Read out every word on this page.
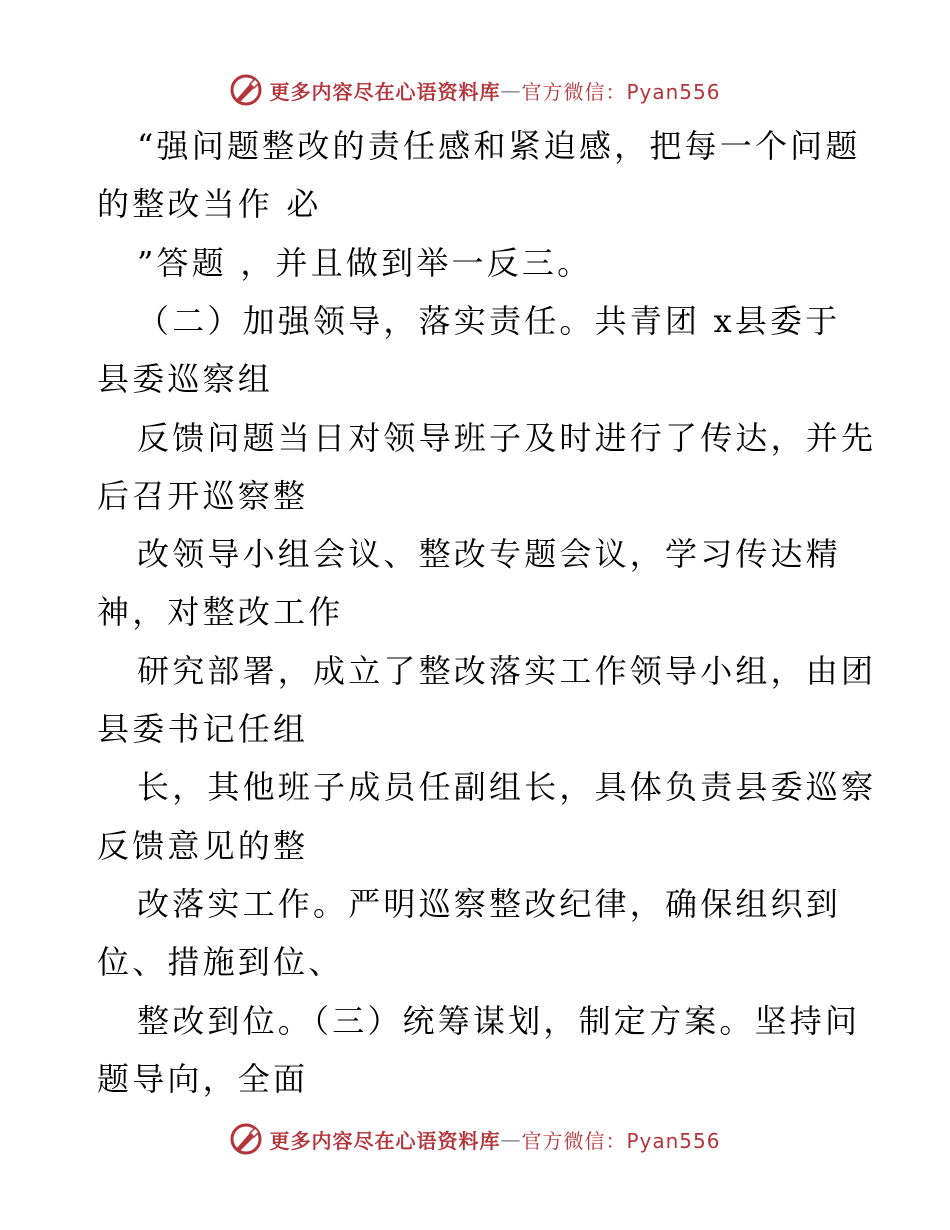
更多内容尽在心语资料库 — 官方微信：Pyan556
“强问题整改的责任感和紧迫感，把每一个问题
的整改当作 必
”答题 ，并且做到举一反三。
（二）加强领导，落实责任。共青团 x县委于
县委巡察组
反馈问题当日对领导班子及时进行了传达，并先
后召开巡察整
改领导小组会议、整改专题会议，学习传达精
神，对整改工作
研究部署，成立了整改落实工作领导小组，由团
县委书记任组
长，其他班子成员任副组长，具体负责县委巡察
反馈意见的整
改落实工作。严明巡察整改纪律，确保组织到
位、措施到位、
整改到位。（三）统筹谋划，制定方案。坚持问
题导向，全面
更多内容尽在心语资料库 — 官方微信：Pyan556
